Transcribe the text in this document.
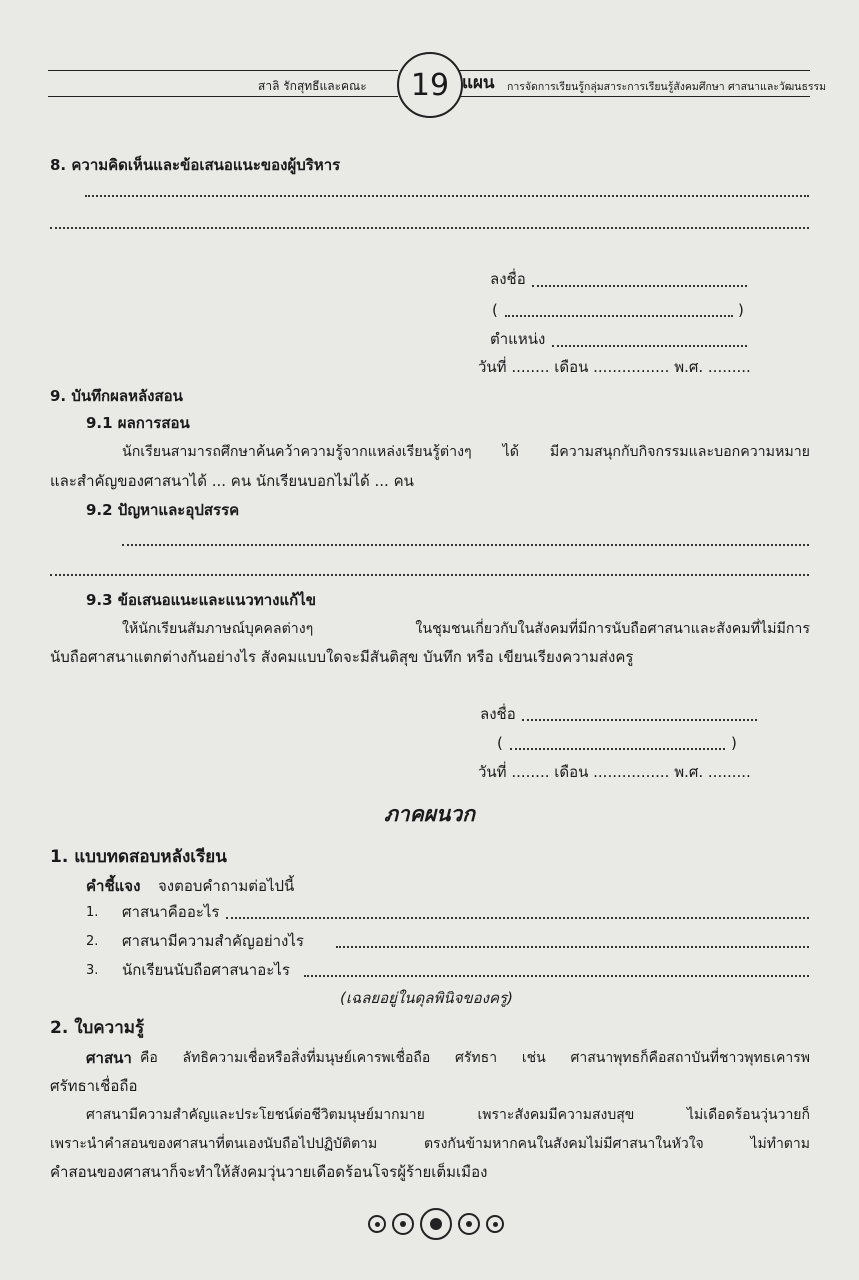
สาลิ รักสุทธีและคณะ	19 แผน การจัดการเรียนรู้กลุ่มสาระการเรียนรู้สังคมศึกษา ศาสนาและวัฒนธรรม
8. ความคิดเห็นและข้อเสนอแนะของผู้บริหาร
ลงชื่อ
(	)
ตำแหน่ง
วันที่ ........ เดือน ................ พ.ศ. .........
9. บันทึกผลหลังสอน
9.1 ผลการสอน
นักเรียนสามารถศึกษาค้นคว้าความรู้จากแหล่งเรียนรู้ต่างๆ ได้ มีความสนุกกับกิจกรรมและบอกความหมาย
และสำคัญของศาสนาได้ ... คน นักเรียนบอกไม่ได้ ... คน
9.2 ปัญหาและอุปสรรค
9.3 ข้อเสนอแนะและแนวทางแก้ไข
ให้นักเรียนสัมภาษณ์บุคคลต่างๆ ในชุมชนเกี่ยวกับในสังคมที่มีการนับถือศาสนาและสังคมที่ไม่มีการ
นับถือศาสนาแตกต่างกันอย่างไร สังคมแบบใดจะมีสันติสุข บันทึก หรือ เขียนเรียงความส่งครู
ลงชื่อ
(	)
วันที่ ........ เดือน ................ พ.ศ. .........
ภาคผนวก
1. แบบทดสอบหลังเรียน
คำชี้แจง จงตอบคำถามต่อไปนี้
1. ศาสนาคืออะไร
2. ศาสนามีความสำคัญอย่างไร
3. นักเรียนนับถือศาสนาอะไร
(เฉลยอยู่ในดุลพินิจของครู)
2. ใบความรู้
ศาสนา คือ ลัทธิความเชื่อหรือสิ่งที่มนุษย์เคารพเชื่อถือ ศรัทธา เช่น ศาสนาพุทธก็คือสถาบันที่ชาวพุทธเคารพ
ศรัทธาเชื่อถือ
ศาสนามีความสำคัญและประโยชน์ต่อชีวิตมนุษย์มากมาย เพราะสังคมมีความสงบสุข ไม่เดือดร้อนวุ่นวายก็
เพราะนำคำสอนของศาสนาที่ตนเองนับถือไปปฏิบัติตาม ตรงกันข้ามหากคนในสังคมไม่มีศาสนาในหัวใจ ไม่ทำตาม
คำสอนของศาสนาก็จะทำให้สังคมวุ่นวายเดือดร้อนโจรผู้ร้ายเต็มเมือง
